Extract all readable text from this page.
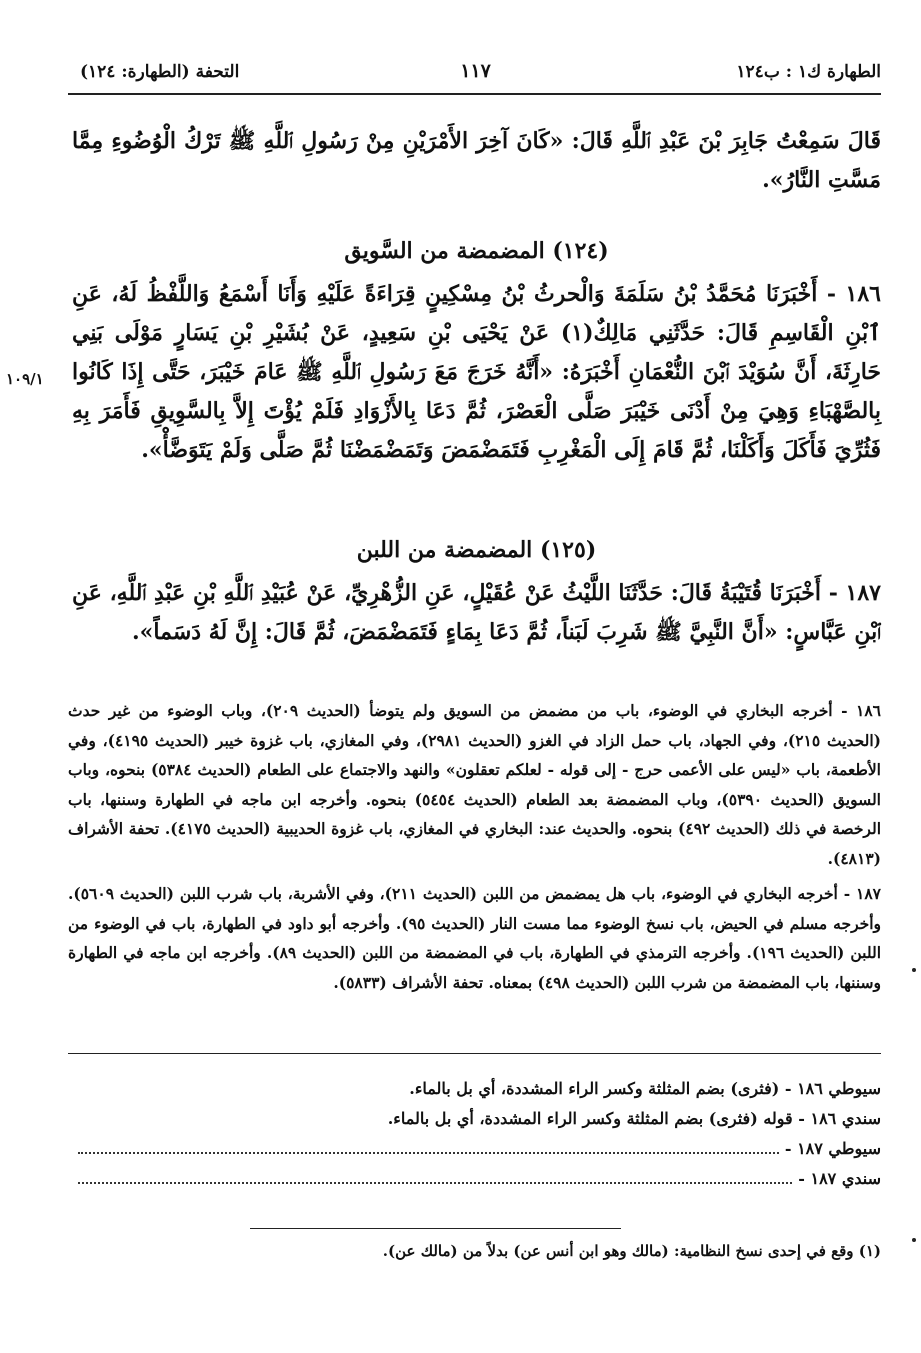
الطهارة ك١ : ب١٢٤
١١٧
التحفة (الطهارة: ١٢٤)

قَالَ سَمِعْتُ جَابِرَ بْنَ عَبْدِ ٱللَّهِ قَالَ: «كَانَ آخِرَ الأَمْرَيْنِ مِنْ رَسُولِ ٱللَّهِ ﷺ تَرْكُ الْوُضُوءِ مِمَّا مَسَّتِ النَّارُ».

(١٢٤) المضمضة من السَّويق

١٨٦ - أَخْبَرَنَا مُحَمَّدُ بْنُ سَلَمَةَ وَالْحرثُ بْنُ مِسْكِينٍ قِرَاءَةً عَلَيْهِ وَأَنَا أَسْمَعُ وَاللَّفْظُ لَهُ، عَنِ ٱبْنِ الْقَاسِمِ قَالَ: حَدَّثَنِي مَالِكٌ(١) عَنْ يَحْيَى بْنِ سَعِيدٍ، عَنْ بُشَيْرِ بْنِ يَسَارٍ مَوْلَى بَنِي حَارِثَةَ، أَنَّ سُوَيْدَ ٱبْنَ النُّعْمَانِ أَخْبَرَهُ: «أَنَّهُ خَرَجَ مَعَ رَسُولِ ٱللَّهِ ﷺ عَامَ خَيْبَرَ، حَتَّى إِذَا كَانُوا بِالصَّهْبَاءِ وَهِيَ مِنْ أَدْنَى خَيْبَرَ صَلَّى الْعَصْرَ، ثُمَّ دَعَا بِالأَزْوَادِ فَلَمْ يُؤْتَ إِلاَّ بِالسَّوِيقِ فَأَمَرَ بِهِ فَثُرِّيَ فَأَكَلَ وَأَكَلْنَا، ثُمَّ قَامَ إِلَى الْمَغْرِبِ فَتَمَضْمَضَ وَتَمَضْمَضْنَا ثُمَّ صَلَّى وَلَمْ يَتَوَضَّأْ».

١٠٩/١

(١٢٥) المضمضة من اللبن

١٨٧ - أَخْبَرَنَا قُتَيْبَةُ قَالَ: حَدَّثَنَا اللَّيْثُ عَنْ عُقَيْلٍ، عَنِ الزُّهْرِيِّ، عَنْ عُبَيْدِ ٱللَّهِ بْنِ عَبْدِ ٱللَّهِ، عَنِ ٱبْنِ عَبَّاسٍ: «أَنَّ النَّبِيَّ ﷺ شَرِبَ لَبَناً، ثُمَّ دَعَا بِمَاءٍ فَتَمَضْمَضَ، ثُمَّ قَالَ: إِنَّ لَهُ دَسَماً».

١٨٦ - أخرجه البخاري في الوضوء، باب من مضمض من السويق ولم يتوضأ (الحديث ٢٠٩)، وباب الوضوء من غير حدث (الحديث ٢١٥)، وفي الجهاد، باب حمل الزاد في الغزو (الحديث ٢٩٨١)، وفي المغازي، باب غزوة خيبر (الحديث ٤١٩٥)، وفي الأطعمة، باب «ليس على الأعمى حرج - إلى قوله - لعلكم تعقلون» والنهد والاجتماع على الطعام (الحديث ٥٣٨٤) بنحوه، وباب السويق (الحديث ٥٣٩٠)، وباب المضمضة بعد الطعام (الحديث ٥٤٥٤) بنحوه. وأخرجه ابن ماجه في الطهارة وسننها، باب الرخصة في ذلك (الحديث ٤٩٢) بنحوه. والحديث عند: البخاري في المغازي، باب غزوة الحديبية (الحديث ٤١٧٥). تحفة الأشراف (٤٨١٣).

١٨٧ - أخرجه البخاري في الوضوء، باب هل يمضمض من اللبن (الحديث ٢١١)، وفي الأشربة، باب شرب اللبن (الحديث ٥٦٠٩). وأخرجه مسلم في الحيض، باب نسخ الوضوء مما مست النار (الحديث ٩٥). وأخرجه أبو داود في الطهارة، باب في الوضوء من اللبن (الحديث ١٩٦). وأخرجه الترمذي في الطهارة، باب في المضمضة من اللبن (الحديث ٨٩). وأخرجه ابن ماجه في الطهارة وسننها، باب المضمضة من شرب اللبن (الحديث ٤٩٨) بمعناه. تحفة الأشراف (٥٨٣٣).

سيوطي ١٨٦ - (فثرى) بضم المثلثة وكسر الراء المشددة، أي بل بالماء.
سندي ١٨٦ - قوله (فثرى) بضم المثلثة وكسر الراء المشددة، أي بل بالماء.
سيوطي ١٨٧ -
سندي ١٨٧ -

(١) وقع في إحدى نسخ النظامية: (مالك وهو ابن أنس عن) بدلاً من (مالك عن).
